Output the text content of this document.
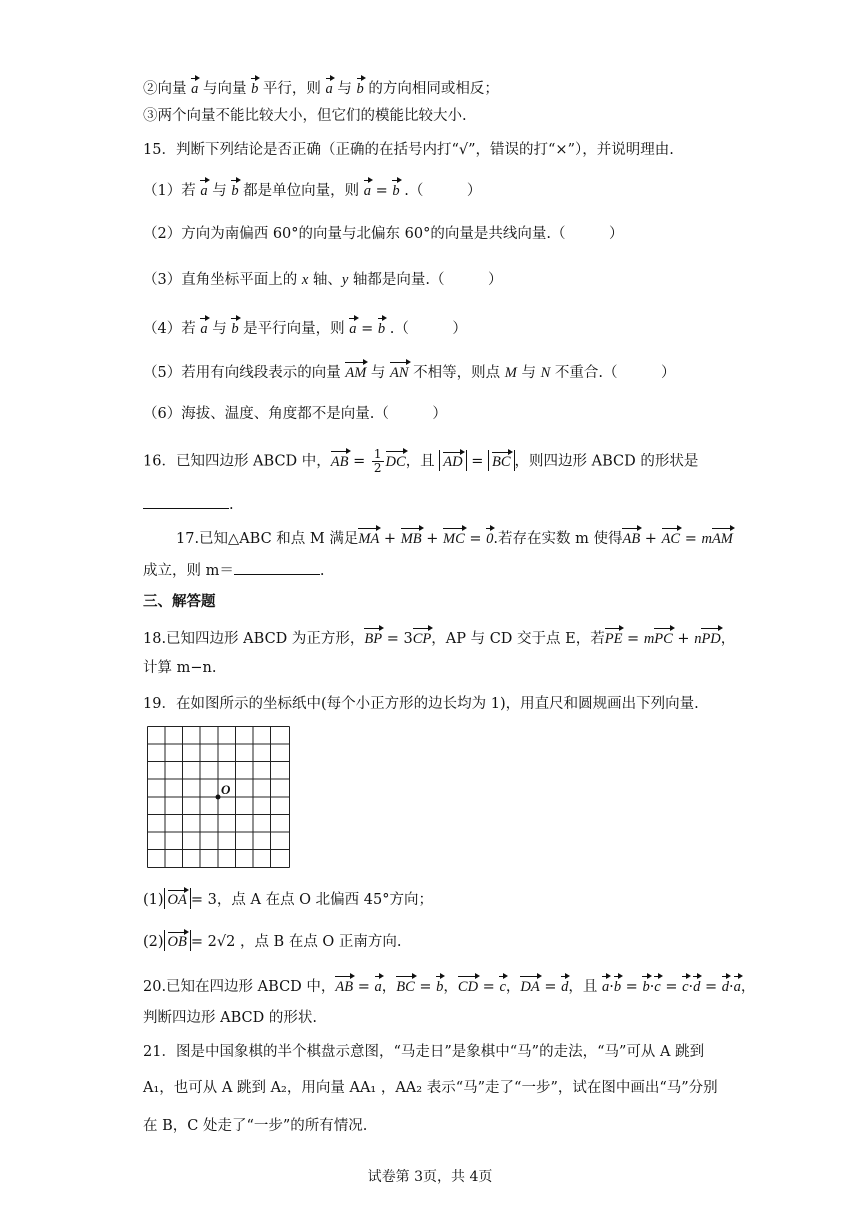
②向量 a 与向量 b 平行，则 a 与 b 的方向相同或相反；
③两个向量不能比较大小，但它们的模能比较大小.
15．判断下列结论是否正确（正确的在括号内打“√”，错误的打“×”），并说明理由.
（1）若 a 与 b 都是单位向量，则 a = b .（　　　）
（2）方向为南偏西 60°的向量与北偏东 60°的向量是共线向量.（　　　）
（3）直角坐标平面上的 x 轴、y 轴都是向量.（　　　）
（4）若 a 与 b 是平行向量，则 a = b .（　　　）
（5）若用有向线段表示的向量 AM 与 AN 不相等，则点 M 与 N 不重合.（　　　）
（6）海拔、温度、角度都不是向量.（　　　）
16．已知四边形 ABCD 中，AB = $\frac{1}{2}$ DC，且 AD = BC ，则四边形 ABCD 的形状是
.
17.已知△ABC 和点 M 满足MA + MB + MC = 0.若存在实数 m 使得AB + AC = mAM
成立，则 m＝	.
三、解答题
18.已知四边形 ABCD 为正方形，BP = 3CP，AP 与 CD 交于点 E，若PE = mPC + nPD，
计算 m−n.
19．在如图所示的坐标纸中(每个小正方形的边长均为 1)，用直尺和圆规画出下列向量.
O
(1) OA = 3，点 A 在点 O 北偏西 45°方向；
(2) OB = 2√2 ，点 B 在点 O 正南方向.
20.已知在四边形 ABCD 中，AB = a，BC = b，CD = c，DA = d，且 a·b = b·c = c·d = d·a，
判断四边形 ABCD 的形状.
21．图是中国象棋的半个棋盘示意图，“马走日”是象棋中“马”的走法，“马”可从 A 跳到
A₁，也可从 A 跳到 A₂，用向量 AA₁ ，AA₂ 表示“马”走了“一步”，试在图中画出“马”分别
在 B，C 处走了“一步”的所有情况.
试卷第 3页，共 4页
